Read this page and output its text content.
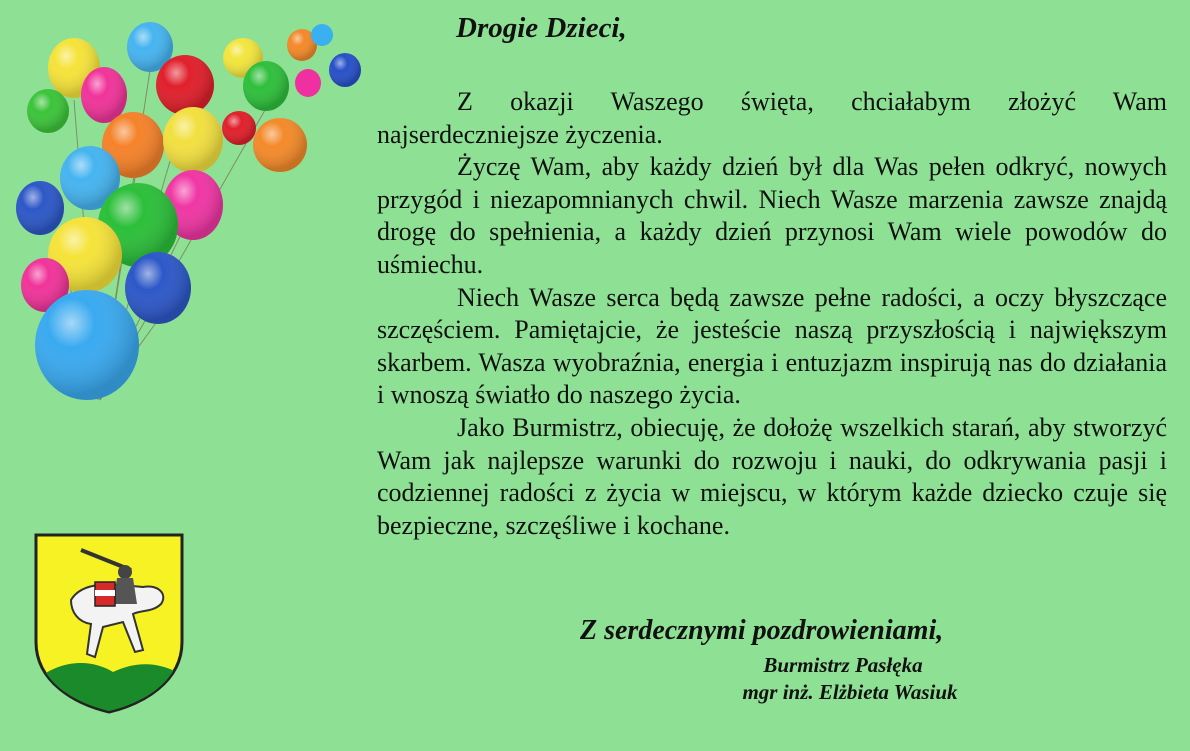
Drogie Dzieci,

Z okazji Waszego święta, chciałabym złożyć Wam najserdeczniejsze życzenia.

Życzę Wam, aby każdy dzień był dla Was pełen odkryć, nowych przygód i niezapomnianych chwil. Niech Wasze marzenia zawsze znajdą drogę do spełnienia, a każdy dzień przynosi Wam wiele powodów do uśmiechu.

Niech Wasze serca będą zawsze pełne radości, a oczy błyszczące szczęściem. Pamiętajcie, że jesteście naszą przyszłością i największym skarbem. Wasza wyobraźnia, energia i entuzjazm inspirują nas do działania i wnoszą światło do naszego życia.

Jako Burmistrz, obiecuję, że dołożę wszelkich starań, aby stworzyć Wam jak najlepsze warunki do rozwoju i nauki, do odkrywania pasji i codziennej radości z życia w miejscu, w którym każde dziecko czuje się bezpieczne, szczęśliwe i kochane.

Z serdecznymi pozdrowieniami,
Burmistrz Pasłęka
mgr inż. Elżbieta Wasiuk
